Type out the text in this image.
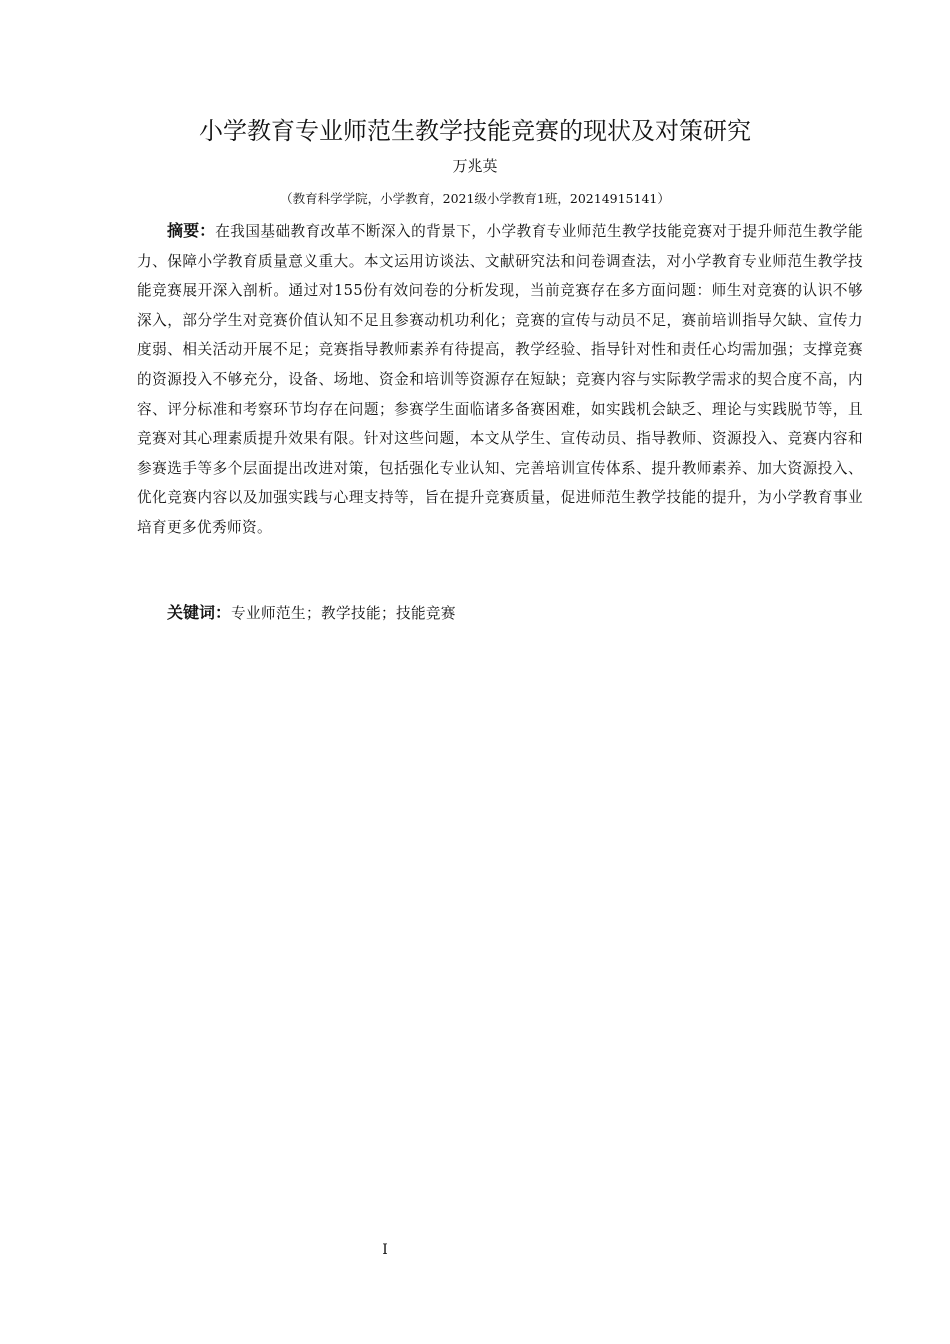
小学教育专业师范生教学技能竞赛的现状及对策研究
万兆英
（教育科学学院，小学教育，2021级小学教育1班，20214915141）

摘要：在我国基础教育改革不断深入的背景下，小学教育专业师范生教学技能竞赛对于提升师范生教学能力、保障小学教育质量意义重大。本文运用访谈法、文献研究法和问卷调查法，对小学教育专业师范生教学技能竞赛展开深入剖析。通过对155份有效问卷的分析发现，当前竞赛存在多方面问题：师生对竞赛的认识不够深入，部分学生对竞赛价值认知不足且参赛动机功利化；竞赛的宣传与动员不足，赛前培训指导欠缺、宣传力度弱、相关活动开展不足；竞赛指导教师素养有待提高，教学经验、指导针对性和责任心均需加强；支撑竞赛的资源投入不够充分，设备、场地、资金和培训等资源存在短缺；竞赛内容与实际教学需求的契合度不高，内容、评分标准和考察环节均存在问题；参赛学生面临诸多备赛困难，如实践机会缺乏、理论与实践脱节等，且竞赛对其心理素质提升效果有限。针对这些问题，本文从学生、宣传动员、指导教师、资源投入、竞赛内容和参赛选手等多个层面提出改进对策，包括强化专业认知、完善培训宣传体系、提升教师素养、加大资源投入、优化竞赛内容以及加强实践与心理支持等，旨在提升竞赛质量，促进师范生教学技能的提升，为小学教育事业培育更多优秀师资。

关键词：专业师范生；教学技能；技能竞赛

I
